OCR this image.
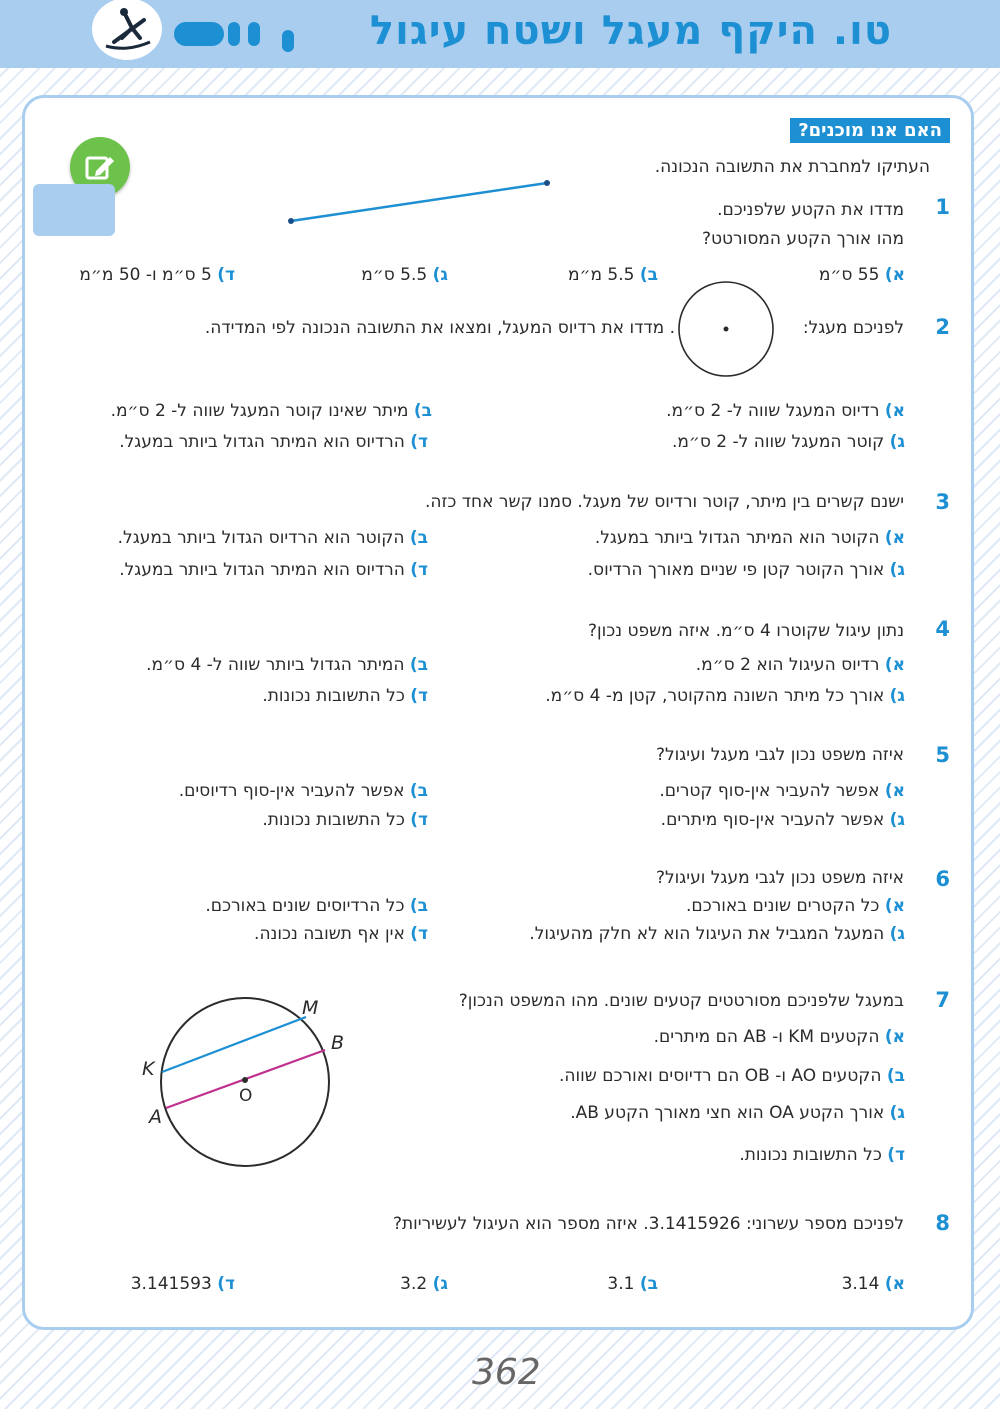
טו. היקף מעגל ושטח עיגול
האם אנו מוכנים?
העתיקו למחברת את התשובה הנכונה.
1
מדדו את הקטע שלפניכם.
מהו אורך הקטע המסורטט?
א) 55 ס״מ
ב) 5.5 מ״מ
ג) 5.5 ס״מ
ד) 5 ס״מ ו- 50 מ״מ
2
לפניכם מעגל:
. מדדו את רדיוס המעגל, ומצאו את התשובה הנכונה לפי המדידה.
א) רדיוס המעגל שווה ל- 2 ס״מ.
ב) מיתר שאינו קוטר המעגל שווה ל- 2 ס״מ.
ג) קוטר המעגל שווה ל- 2 ס״מ.
ד) הרדיוס הוא המיתר הגדול ביותר במעגל.
3
ישנם קשרים בין מיתר, קוטר ורדיוס של מעגל. סמנו קשר אחד כזה.
א) הקוטר הוא המיתר הגדול ביותר במעגל.
ב) הקוטר הוא הרדיוס הגדול ביותר במעגל.
ג) אורך הקוטר קטן פי שניים מאורך הרדיוס.
ד) הרדיוס הוא המיתר הגדול ביותר במעגל.
4
נתון עיגול שקוטרו 4 ס״מ. איזה משפט נכון?
א) רדיוס העיגול הוא 2 ס״מ.
ב) המיתר הגדול ביותר שווה ל- 4 ס״מ.
ג) אורך כל מיתר השונה מהקוטר, קטן מ- 4 ס״מ.
ד) כל התשובות נכונות.
5
איזה משפט נכון לגבי מעגל ועיגול?
א) אפשר להעביר אין-סוף קטרים.
ב) אפשר להעביר אין-סוף רדיוסים.
ג) אפשר להעביר אין-סוף מיתרים.
ד) כל התשובות נכונות.
6
איזה משפט נכון לגבי מעגל ועיגול?
א) כל הקטרים שונים באורכם.
ב) כל הרדיוסים שונים באורכם.
ג) המעגל המגביל את העיגול הוא לא חלק מהעיגול.
ד) אין אף תשובה נכונה.
7
במעגל שלפניכם מסורטטים קטעים שונים. מהו המשפט הנכון?
א) הקטעים KM ו- AB הם מיתרים.
ב) הקטעים AO ו- OB הם רדיוסים ואורכם שווה.
ג) אורך הקטע OA הוא חצי מאורך הקטע AB.
ד) כל התשובות נכונות.
M
B
K
O
A
8
לפניכם מספר עשרוני: 3.1415926. איזה מספר הוא העיגול לעשיריות?
א) 3.14
ב) 3.1
ג) 3.2
ד) 3.141593
362
